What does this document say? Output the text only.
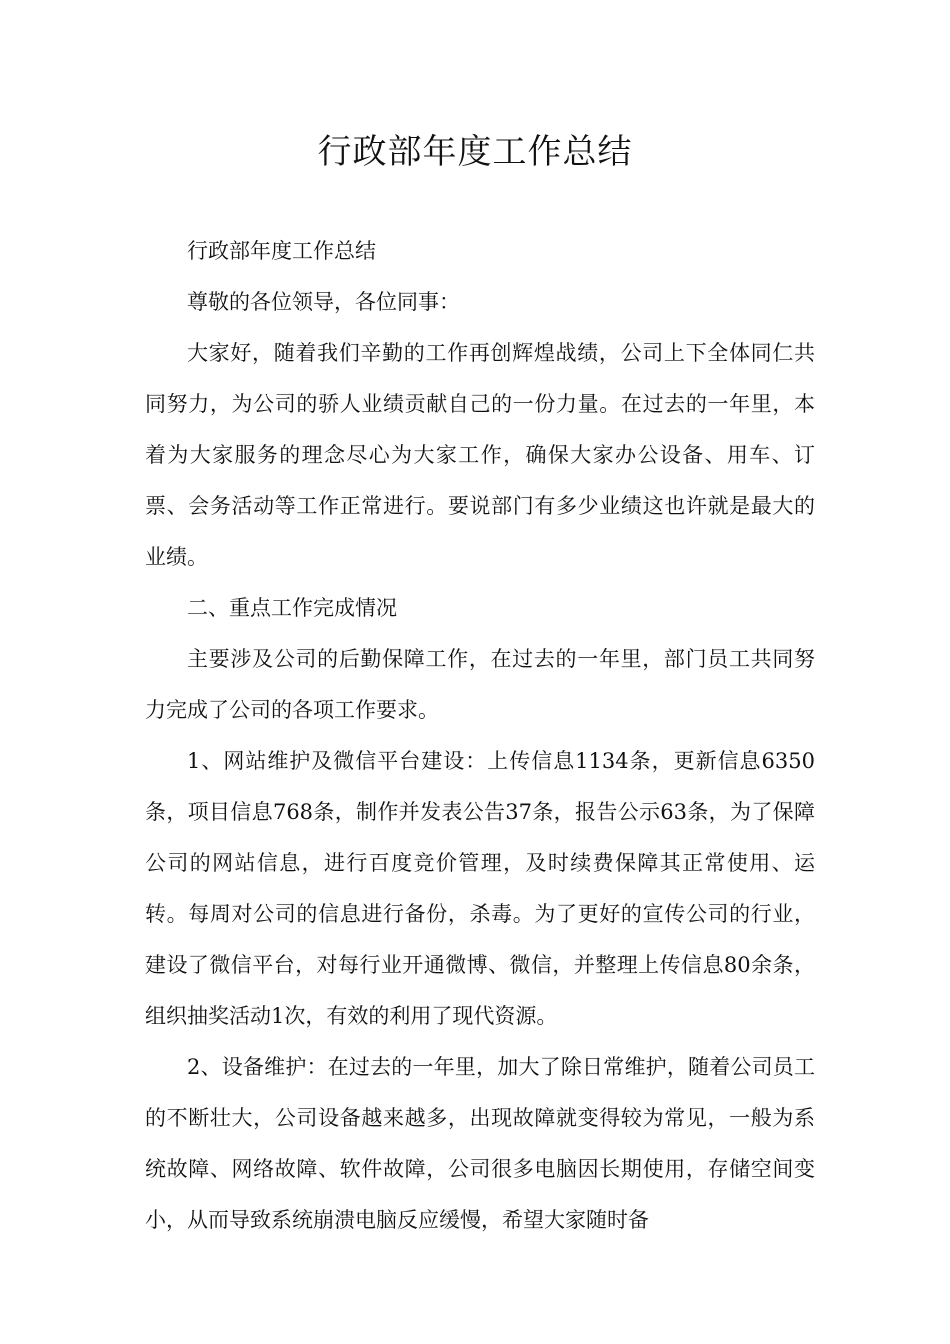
行政部年度工作总结

行政部年度工作总结

尊敬的各位领导，各位同事：

大家好，随着我们辛勤的工作再创辉煌战绩，公司上下全体同仁共同努力，为公司的骄人业绩贡献自己的一份力量。在过去的一年里，本着为大家服务的理念尽心为大家工作，确保大家办公设备、用车、订票、会务活动等工作正常进行。要说部门有多少业绩这也许就是最大的业绩。

二、重点工作完成情况

主要涉及公司的后勤保障工作，在过去的一年里，部门员工共同努力完成了公司的各项工作要求。

1、网站维护及微信平台建设：上传信息1134条，更新信息6350条，项目信息768条，制作并发表公告37条，报告公示63条，为了保障公司的网站信息，进行百度竞价管理，及时续费保障其正常使用、运转。每周对公司的信息进行备份，杀毒。为了更好的宣传公司的行业，建设了微信平台，对每行业开通微博、微信，并整理上传信息80余条，组织抽奖活动1次，有效的利用了现代资源。

2、设备维护：在过去的一年里，加大了除日常维护，随着公司员工的不断壮大，公司设备越来越多，出现故障就变得较为常见，一般为系统故障、网络故障、软件故障，公司很多电脑因长期使用，存储空间变小，从而导致系统崩溃电脑反应缓慢，希望大家随时备
